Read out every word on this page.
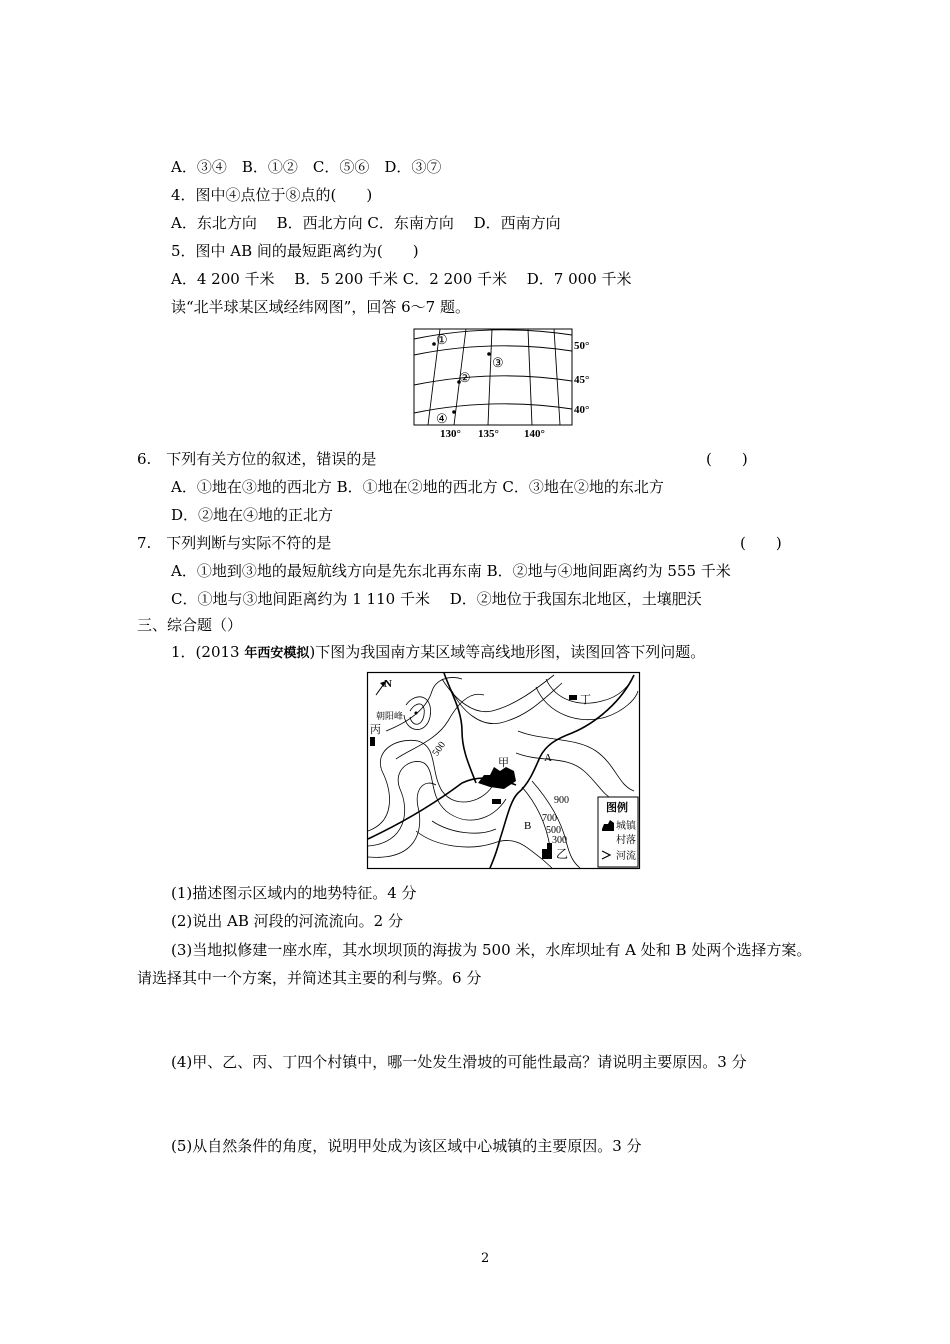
A．③④　B．①②　C．⑤⑥　D．③⑦
4．图中④点位于⑧点的(　　)
A．东北方向　 B．西北方向 C．东南方向　 D．西南方向
5．图中 AB 间的最短距离约为(　　)
A．4 200 千米　 B．5 200 千米 C．2 200 千米　 D．7 000 千米
读“北半球某区域经纬网图”，回答 6～7 题。
①
②
③
④
50°
45°
40°
130° 135° 140°
6.　下列有关方位的叙述，错误的是	(　　)
A．①地在③地的西北方 B．①地在②地的西北方 C．③地在②地的东北方
D．②地在④地的正北方
7.　下列判断与实际不符的是	(　　)
A．①地到③地的最短航线方向是先东北再东南 B．②地与④地间距离约为 555 千米
C．①地与③地间距离约为 1 110 千米　 D．②地位于我国东北地区，土壤肥沃
三、综合题（）
1．(2013 年西安模拟)下图为我国南方某区域等高线地形图，读图回答下列问题。
N
朝阳峰
甲
乙
丙
丁
A
B
500
900
700
500
300
图例
城镇
村落
河流
(1)描述图示区域内的地势特征。4 分
(2)说出 AB 河段的河流流向。2 分
(3)当地拟修建一座水库，其水坝坝顶的海拔为 500 米，水库坝址有 A 处和 B 处两个选择方案。
请选择其中一个方案，并简述其主要的利与弊。6 分
(4)甲、乙、丙、丁四个村镇中，哪一处发生滑坡的可能性最高？请说明主要原因。3 分
(5)从自然条件的角度，说明甲处成为该区域中心城镇的主要原因。3 分
2
